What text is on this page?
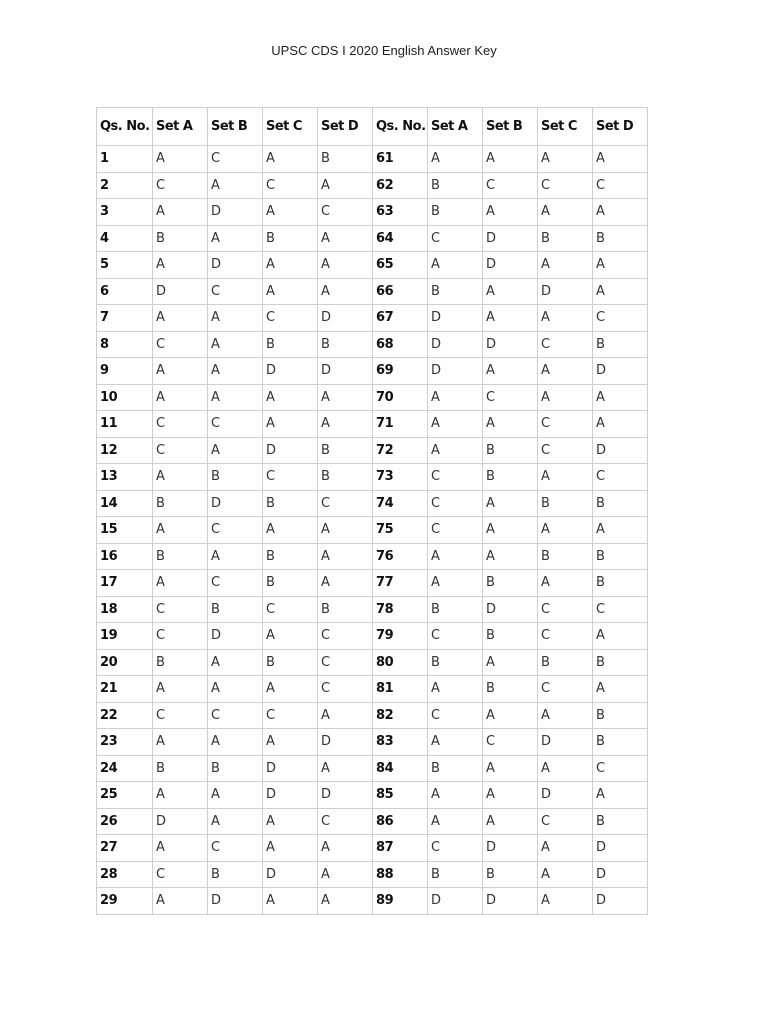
UPSC CDS I 2020 English Answer Key
Qs. No.	Set A	Set B	Set C	Set D	Qs. No.	Set A	Set B	Set C	Set D
1	A	C	A	B	61	A	A	A	A
2	C	A	C	A	62	B	C	C	C
3	A	D	A	C	63	B	A	A	A
4	B	A	B	A	64	C	D	B	B
5	A	D	A	A	65	A	D	A	A
6	D	C	A	A	66	B	A	D	A
7	A	A	C	D	67	D	A	A	C
8	C	A	B	B	68	D	D	C	B
9	A	A	D	D	69	D	A	A	D
10	A	A	A	A	70	A	C	A	A
11	C	C	A	A	71	A	A	C	A
12	C	A	D	B	72	A	B	C	D
13	A	B	C	B	73	C	B	A	C
14	B	D	B	C	74	C	A	B	B
15	A	C	A	A	75	C	A	A	A
16	B	A	B	A	76	A	A	B	B
17	A	C	B	A	77	A	B	A	B
18	C	B	C	B	78	B	D	C	C
19	C	D	A	C	79	C	B	C	A
20	B	A	B	C	80	B	A	B	B
21	A	A	A	C	81	A	B	C	A
22	C	C	C	A	82	C	A	A	B
23	A	A	A	D	83	A	C	D	B
24	B	B	D	A	84	B	A	A	C
25	A	A	D	D	85	A	A	D	A
26	D	A	A	C	86	A	A	C	B
27	A	C	A	A	87	C	D	A	D
28	C	B	D	A	88	B	B	A	D
29	A	D	A	A	89	D	D	A	D
